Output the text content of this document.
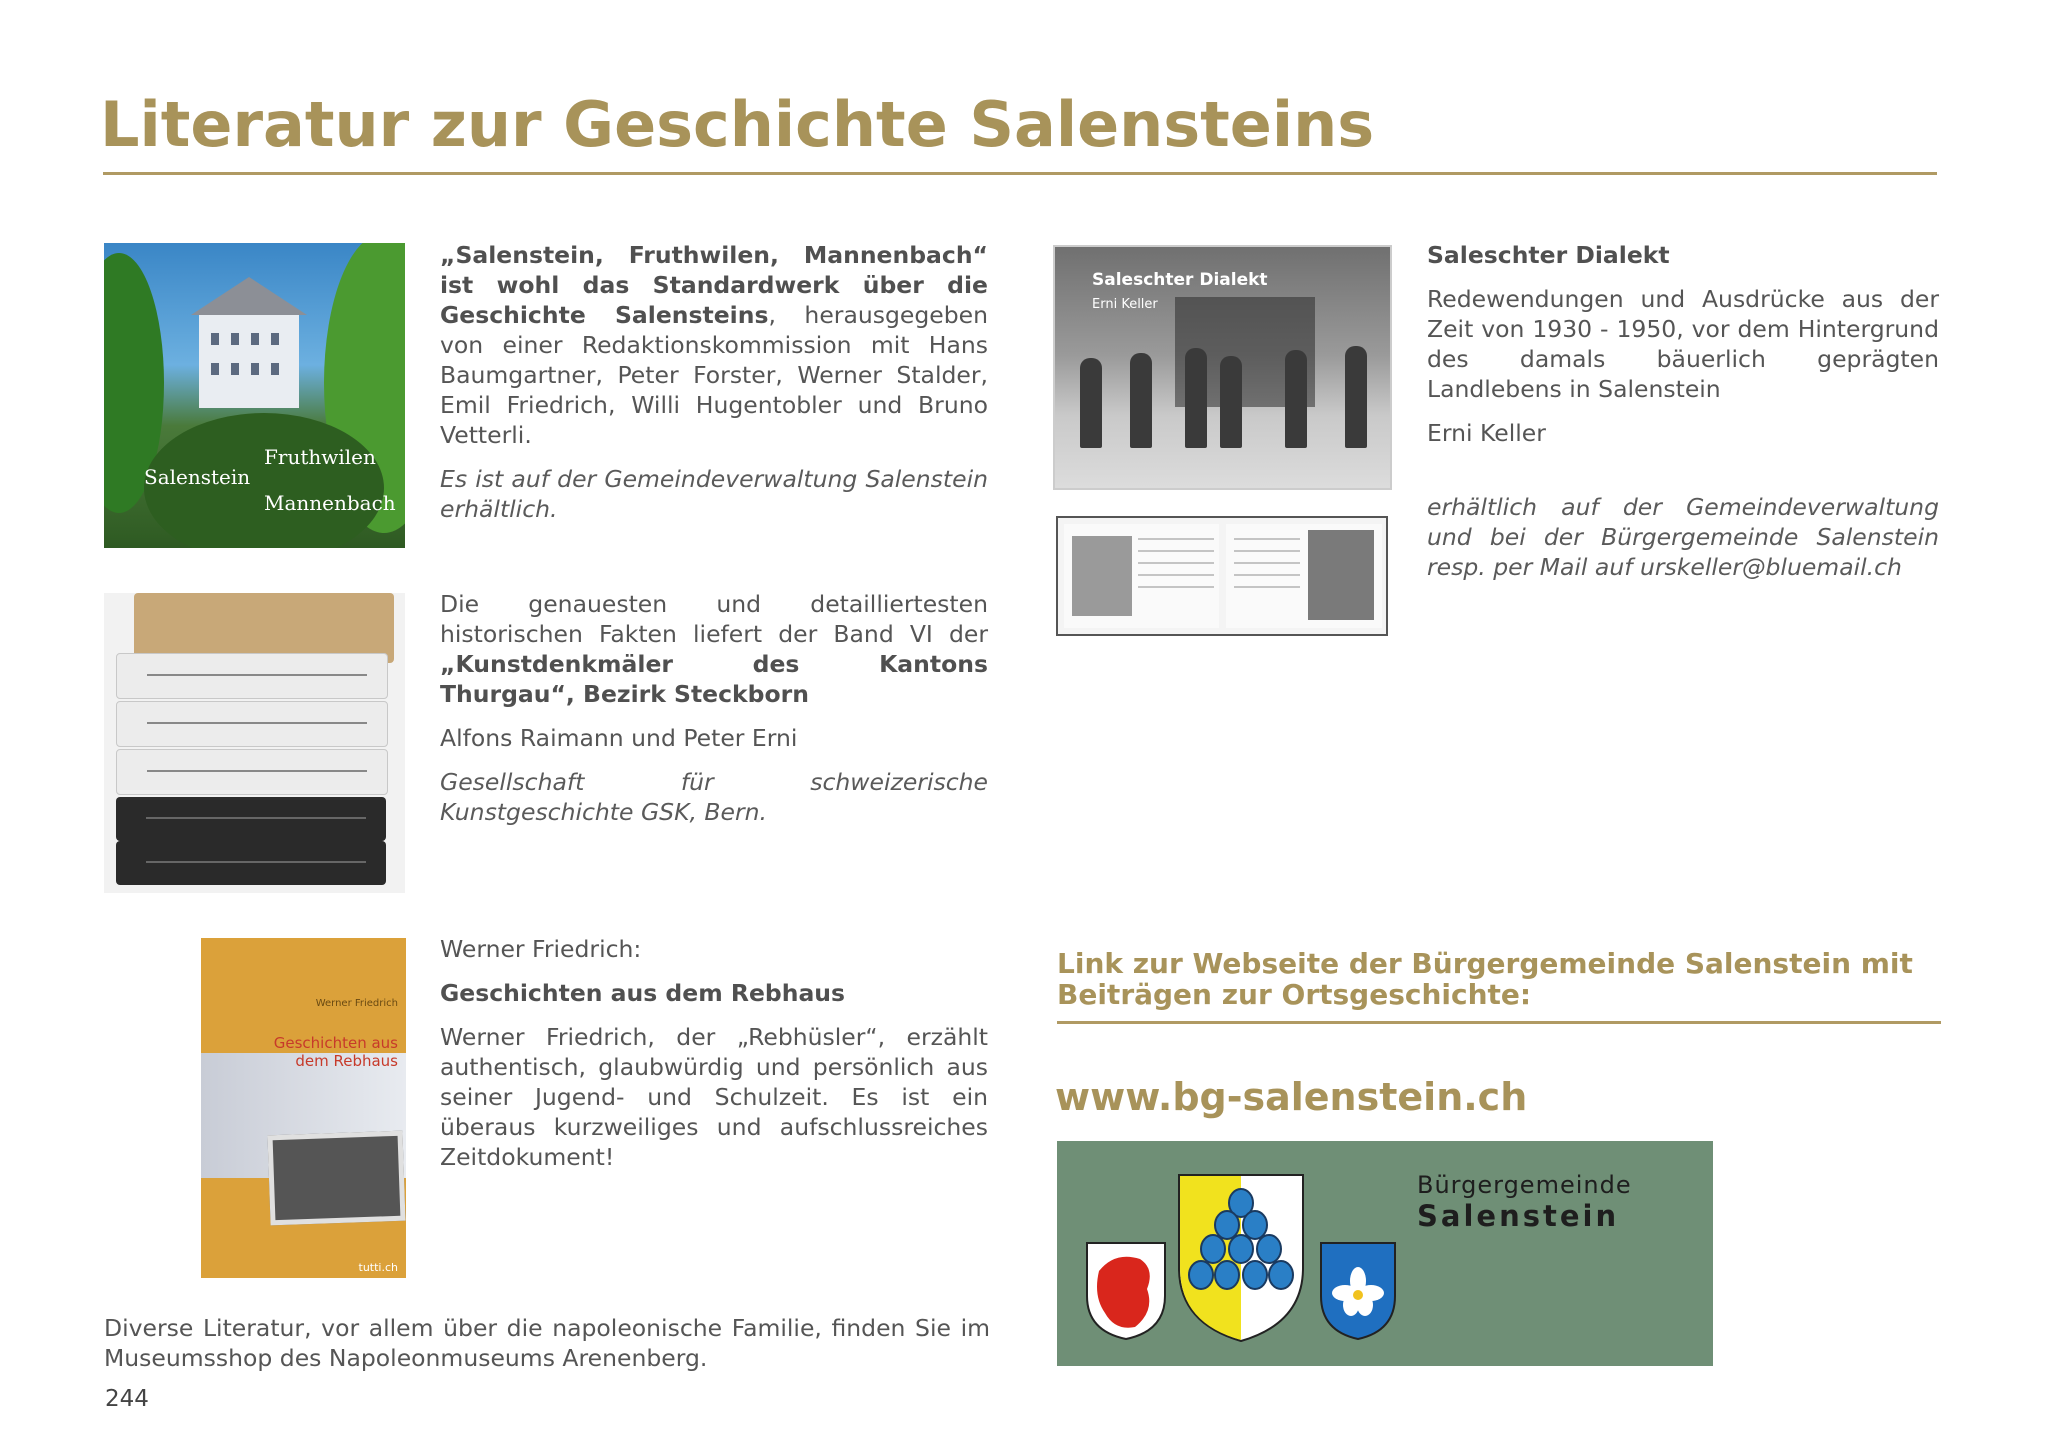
Literatur zur Geschichte Salensteins
Fruthwilen
Salenstein
Mannenbach

„Salenstein, Fruthwilen, Mannenbach“ ist wohl das Standardwerk über die Geschichte Salensteins, herausgegeben von einer Redaktionskommission mit Hans Baumgartner, Peter Forster, Werner Stalder, Emil Friedrich, Willi Hugentobler und Bruno Vetterli.

Es ist auf der Gemeindeverwaltung Salenstein erhältlich.

Die genauesten und detailliertesten historischen Fakten liefert der Band VI der „Kunstdenkmäler des Kantons Thurgau“, Bezirk Steckborn

Alfons Raimann und Peter Erni

Gesellschaft für schweizerische Kunstgeschichte GSK, Bern.

Werner Friedrich
Geschichten aus
dem Rebhaus
tutti.ch

Werner Friedrich:

Geschichten aus dem Rebhaus

Werner Friedrich, der „Rebhüsler“, erzählt authentisch, glaubwürdig und persönlich aus seiner Jugend- und Schulzeit. Es ist ein überaus kurzweiliges und aufschlussreiches Zeitdokument!

Diverse Literatur, vor allem über die napoleonische Familie, finden Sie im Museumsshop des Napoleonmuseums Arenenberg.

244
Saleschter Dialekt
Erni Keller

Saleschter Dialekt

Redewendungen und Ausdrücke aus der Zeit von 1930 - 1950, vor dem Hintergrund des damals bäuerlich geprägten Landlebens in Salenstein

Erni Keller

erhältlich auf der Gemeindeverwaltung und bei der Bürgergemeinde Salenstein resp. per Mail auf urskeller@bluemail.ch

Link zur Webseite der Bürgergemeinde Salenstein mit Beiträgen zur Ortsgeschichte:
www.bg-salenstein.ch
Bürgergemeinde
Salenstein
